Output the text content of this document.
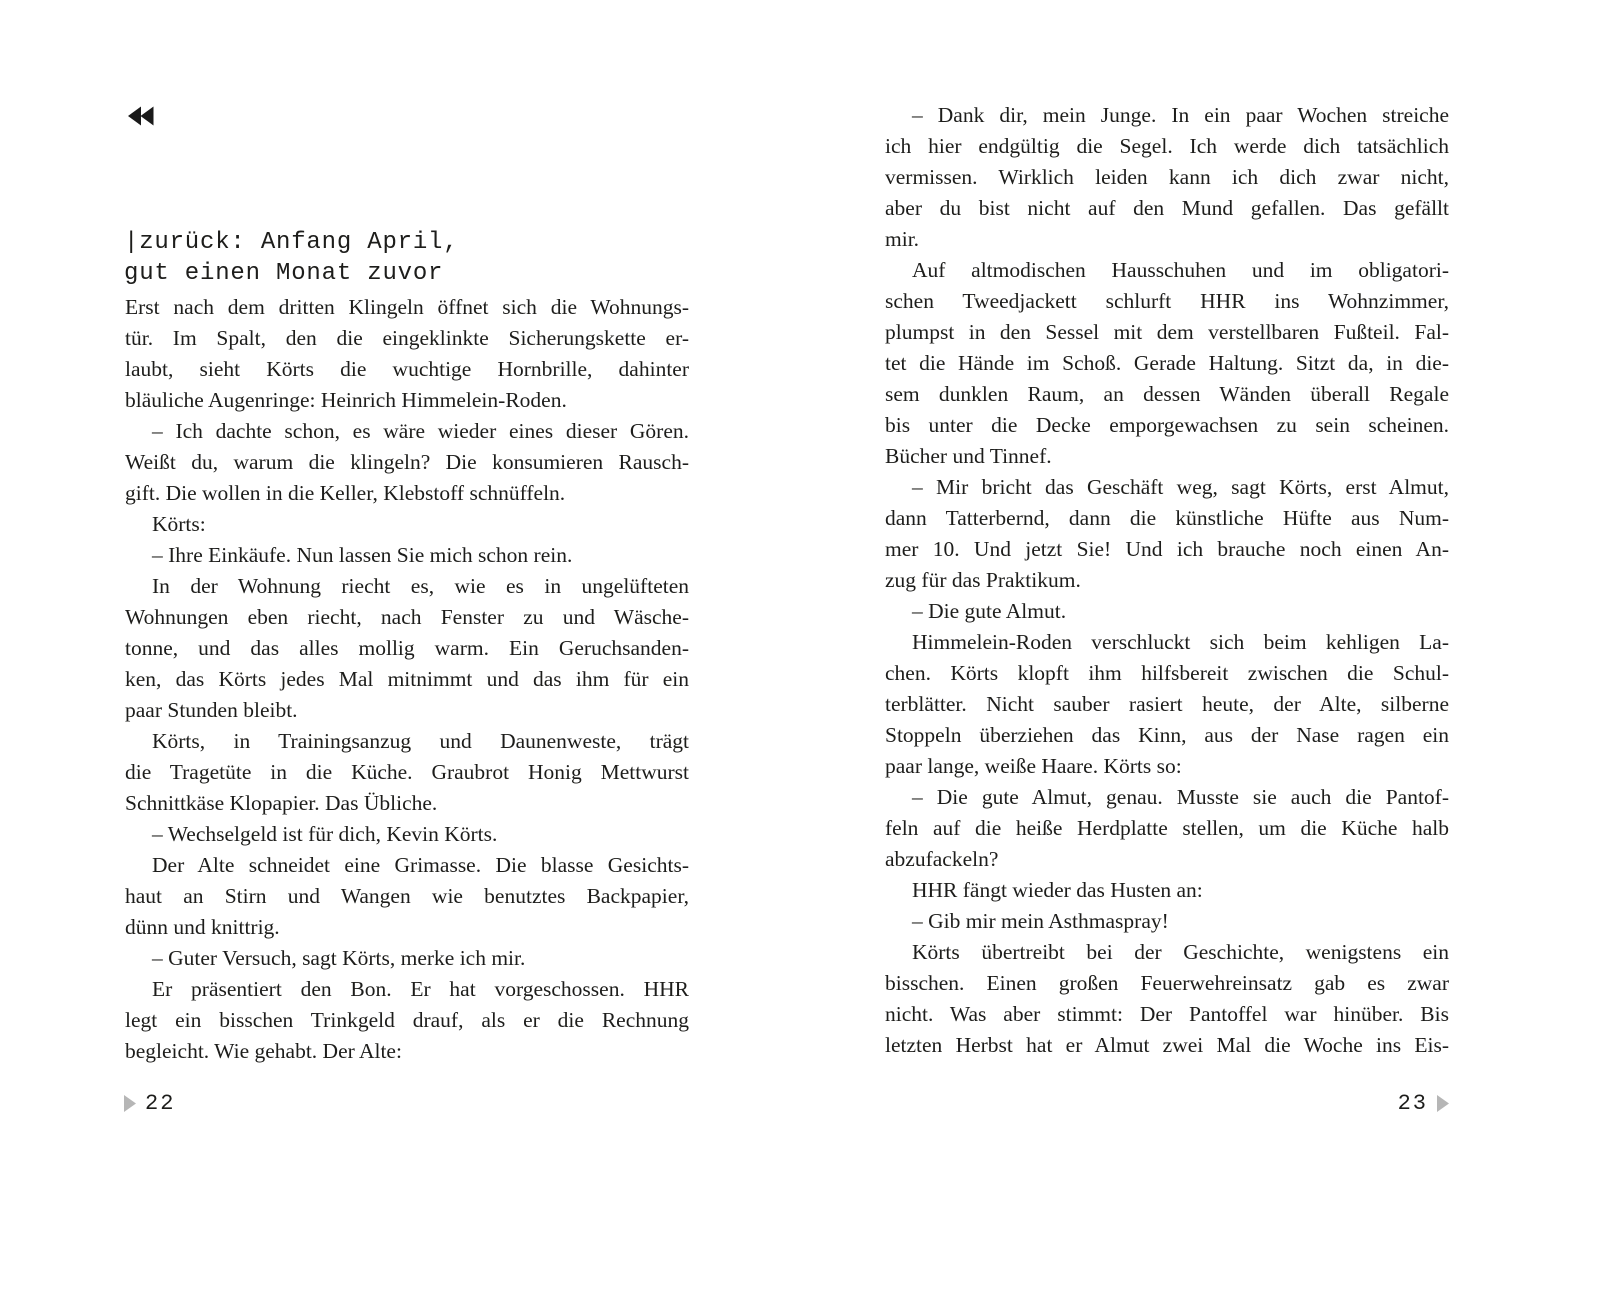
|zurück: Anfang April,
gut einen Monat zuvor
Erst nach dem dritten Klingeln öffnet sich die Wohnungs-
tür. Im Spalt, den die eingeklinkte Sicherungskette er-
laubt, sieht Körts die wuchtige Hornbrille, dahinter
bläuliche Augenringe: Heinrich Himmelein-Roden.
– Ich dachte schon, es wäre wieder eines dieser Gören.
Weißt du, warum die klingeln? Die konsumieren Rausch-
gift. Die wollen in die Keller, Klebstoff schnüffeln.
Körts:
– Ihre Einkäufe. Nun lassen Sie mich schon rein.
In der Wohnung riecht es, wie es in ungelüfteten
Wohnungen eben riecht, nach Fenster zu und Wäsche-
tonne, und das alles mollig warm. Ein Geruchsanden-
ken, das Körts jedes Mal mitnimmt und das ihm für ein
paar Stunden bleibt.
Körts, in Trainingsanzug und Daunenweste, trägt
die Tragetüte in die Küche. Graubrot Honig Mettwurst
Schnittkäse Klopapier. Das Übliche.
– Wechselgeld ist für dich, Kevin Körts.
Der Alte schneidet eine Grimasse. Die blasse Gesichts-
haut an Stirn und Wangen wie benutztes Backpapier,
dünn und knittrig.
– Guter Versuch, sagt Körts, merke ich mir.
Er präsentiert den Bon. Er hat vorgeschossen. HHR
legt ein bisschen Trinkgeld drauf, als er die Rechnung
begleicht. Wie gehabt. Der Alte:
22
– Dank dir, mein Junge. In ein paar Wochen streiche
ich hier endgültig die Segel. Ich werde dich tatsächlich
vermissen. Wirklich leiden kann ich dich zwar nicht,
aber du bist nicht auf den Mund gefallen. Das gefällt
mir.
Auf altmodischen Hausschuhen und im obligatori-
schen Tweedjackett schlurft HHR ins Wohnzimmer,
plumpst in den Sessel mit dem verstellbaren Fußteil. Fal-
tet die Hände im Schoß. Gerade Haltung. Sitzt da, in die-
sem dunklen Raum, an dessen Wänden überall Regale
bis unter die Decke emporgewachsen zu sein scheinen.
Bücher und Tinnef.
– Mir bricht das Geschäft weg, sagt Körts, erst Almut,
dann Tatterbernd, dann die künstliche Hüfte aus Num-
mer 10. Und jetzt Sie! Und ich brauche noch einen An-
zug für das Praktikum.
– Die gute Almut.
Himmelein-Roden verschluckt sich beim kehligen La-
chen. Körts klopft ihm hilfsbereit zwischen die Schul-
terblätter. Nicht sauber rasiert heute, der Alte, silberne
Stoppeln überziehen das Kinn, aus der Nase ragen ein
paar lange, weiße Haare. Körts so:
– Die gute Almut, genau. Musste sie auch die Pantof-
feln auf die heiße Herdplatte stellen, um die Küche halb
abzufackeln?
HHR fängt wieder das Husten an:
– Gib mir mein Asthmaspray!
Körts übertreibt bei der Geschichte, wenigstens ein
bisschen. Einen großen Feuerwehreinsatz gab es zwar
nicht. Was aber stimmt: Der Pantoffel war hinüber. Bis
letzten Herbst hat er Almut zwei Mal die Woche ins Eis-
23
